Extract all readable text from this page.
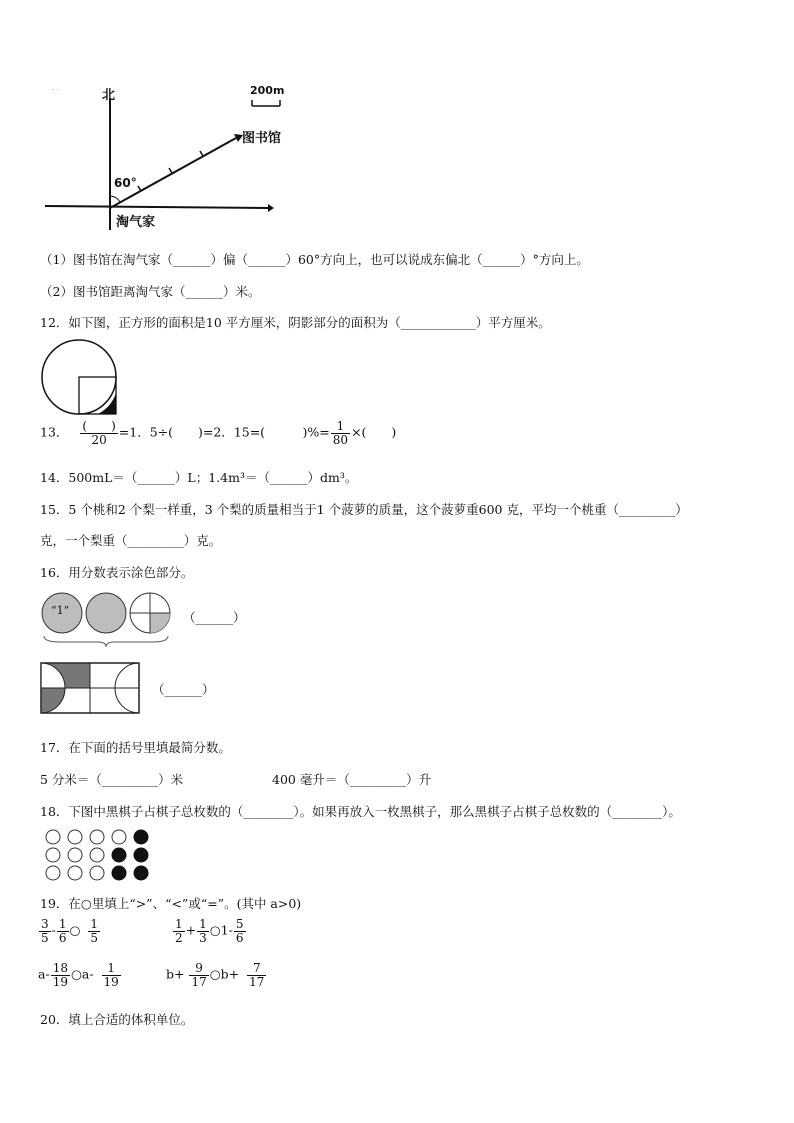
- -	北	200m
图书馆
60°
淘气家
（1）图书馆在淘气家（______）偏（______）60°方向上，也可以说成东偏北（______）°方向上。
（2）图书馆距离淘气家（______）米。
12．如下图，正方形的面积是10 平方厘米，阴影部分的面积为（____________）平方厘米。
13． $\frac{( )}{20} =1$．5÷(　　)=2．15=(　　　)%= $\frac{1}{80}$ ×(　　)
14．500mL＝（______）L；1.4m³＝（______）dm³。
15．5 个桃和2 个梨一样重，3 个梨的质量相当于1 个菠萝的质量，这个菠萝重600 克，平均一个桃重（_________）
克，一个梨重（_________）克。
16．用分数表示涂色部分。
“1”	（______）
（______）
17．在下面的括号里填最简分数。
5 分米＝（_________）米	400 毫升＝（_________）升
18．下图中黑棋子占棋子总枚数的（________）。如果再放入一枚黑棋子，那么黑棋子占棋子总枚数的（________）。
19．在○里填上“>”、“<”或“=”。(其中 a>0)
$\frac{3}{5} - \frac{1}{6}$ ○ $\frac{1}{5}$	$\frac{1}{2} + \frac{1}{3}$ ○1- $\frac{5}{6}$
$a- \frac{18}{19}$ ○a- $\frac{1}{19}$	$b+ \frac{9}{17}$ ○b+ $\frac{7}{17}$
20．填上合适的体积单位。
